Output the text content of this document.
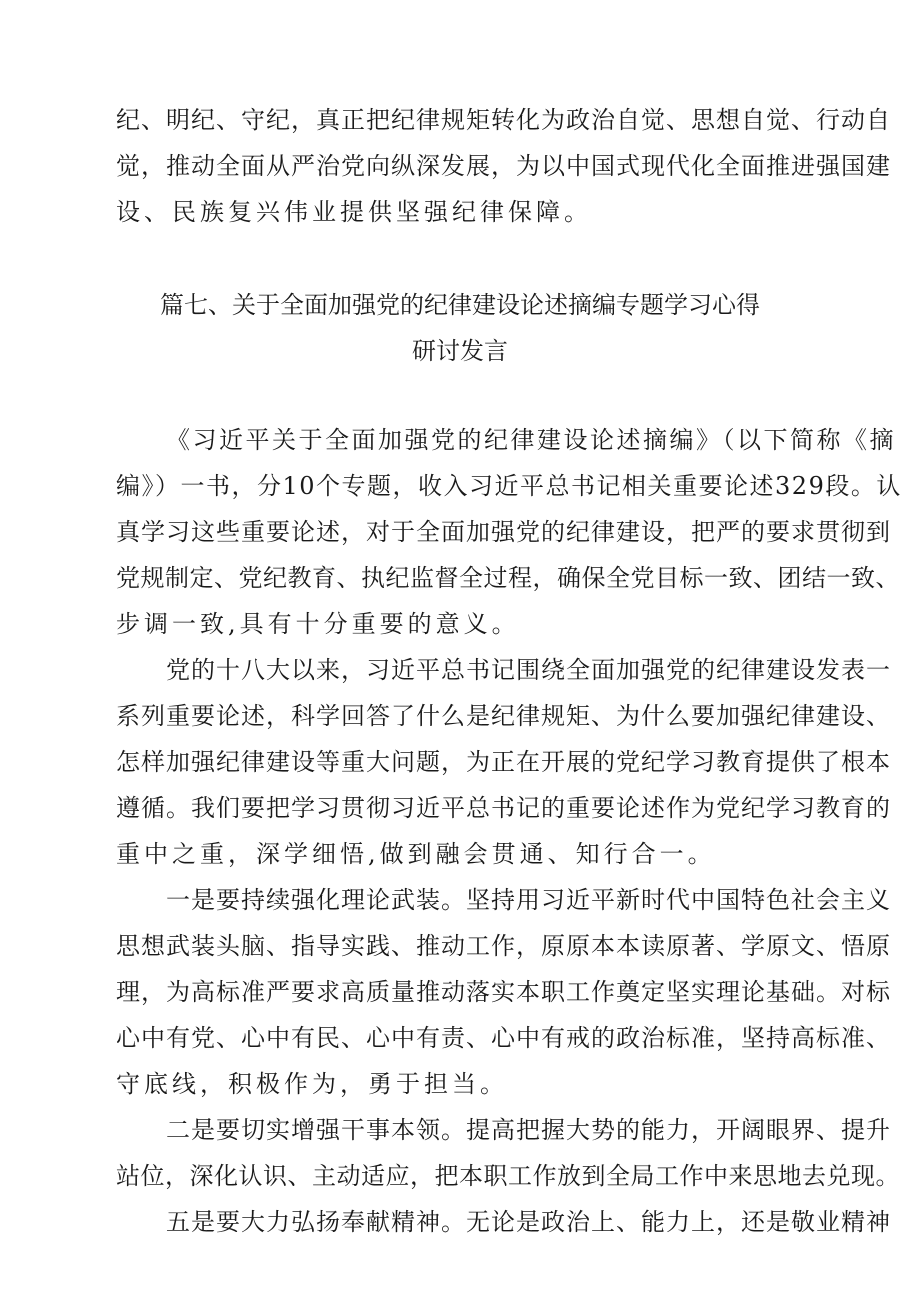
纪、明纪、守纪，真正把纪律规矩转化为政治自觉、思想自觉、行动自
觉，推动全面从严治党向纵深发展，为以中国式现代化全面推进强国建
设、民族复兴伟业提供坚强纪律保障。
篇七、关于全面加强党的纪律建设论述摘编专题学习心得
研讨发言
《习近平关于全面加强党的纪律建设论述摘编》（以下简称《摘
编》）一书，分10个专题，收入习近平总书记相关重要论述329段。认
真学习这些重要论述，对于全面加强党的纪律建设，把严的要求贯彻到
党规制定、党纪教育、执纪监督全过程，确保全党目标一致、团结一致、
步调一致,具有十分重要的意义。
党的十八大以来，习近平总书记围绕全面加强党的纪律建设发表一
系列重要论述，科学回答了什么是纪律规矩、为什么要加强纪律建设、
怎样加强纪律建设等重大问题，为正在开展的党纪学习教育提供了根本
遵循。我们要把学习贯彻习近平总书记的重要论述作为党纪学习教育的
重中之重，深学细悟,做到融会贯通、知行合一。
一是要持续强化理论武装。坚持用习近平新时代中国特色社会主义
思想武装头脑、指导实践、推动工作，原原本本读原著、学原文、悟原
理，为高标准严要求高质量推动落实本职工作奠定坚实理论基础。对标
心中有党、心中有民、心中有责、心中有戒的政治标准，坚持高标准、
守底线，积极作为，勇于担当。
二是要切实增强干事本领。提高把握大势的能力，开阔眼界、提升
站位，深化认识、主动适应，把本职工作放到全局工作中来思地去兑现。
五是要大力弘扬奉献精神。无论是政治上、能力上，还是敬业精神
